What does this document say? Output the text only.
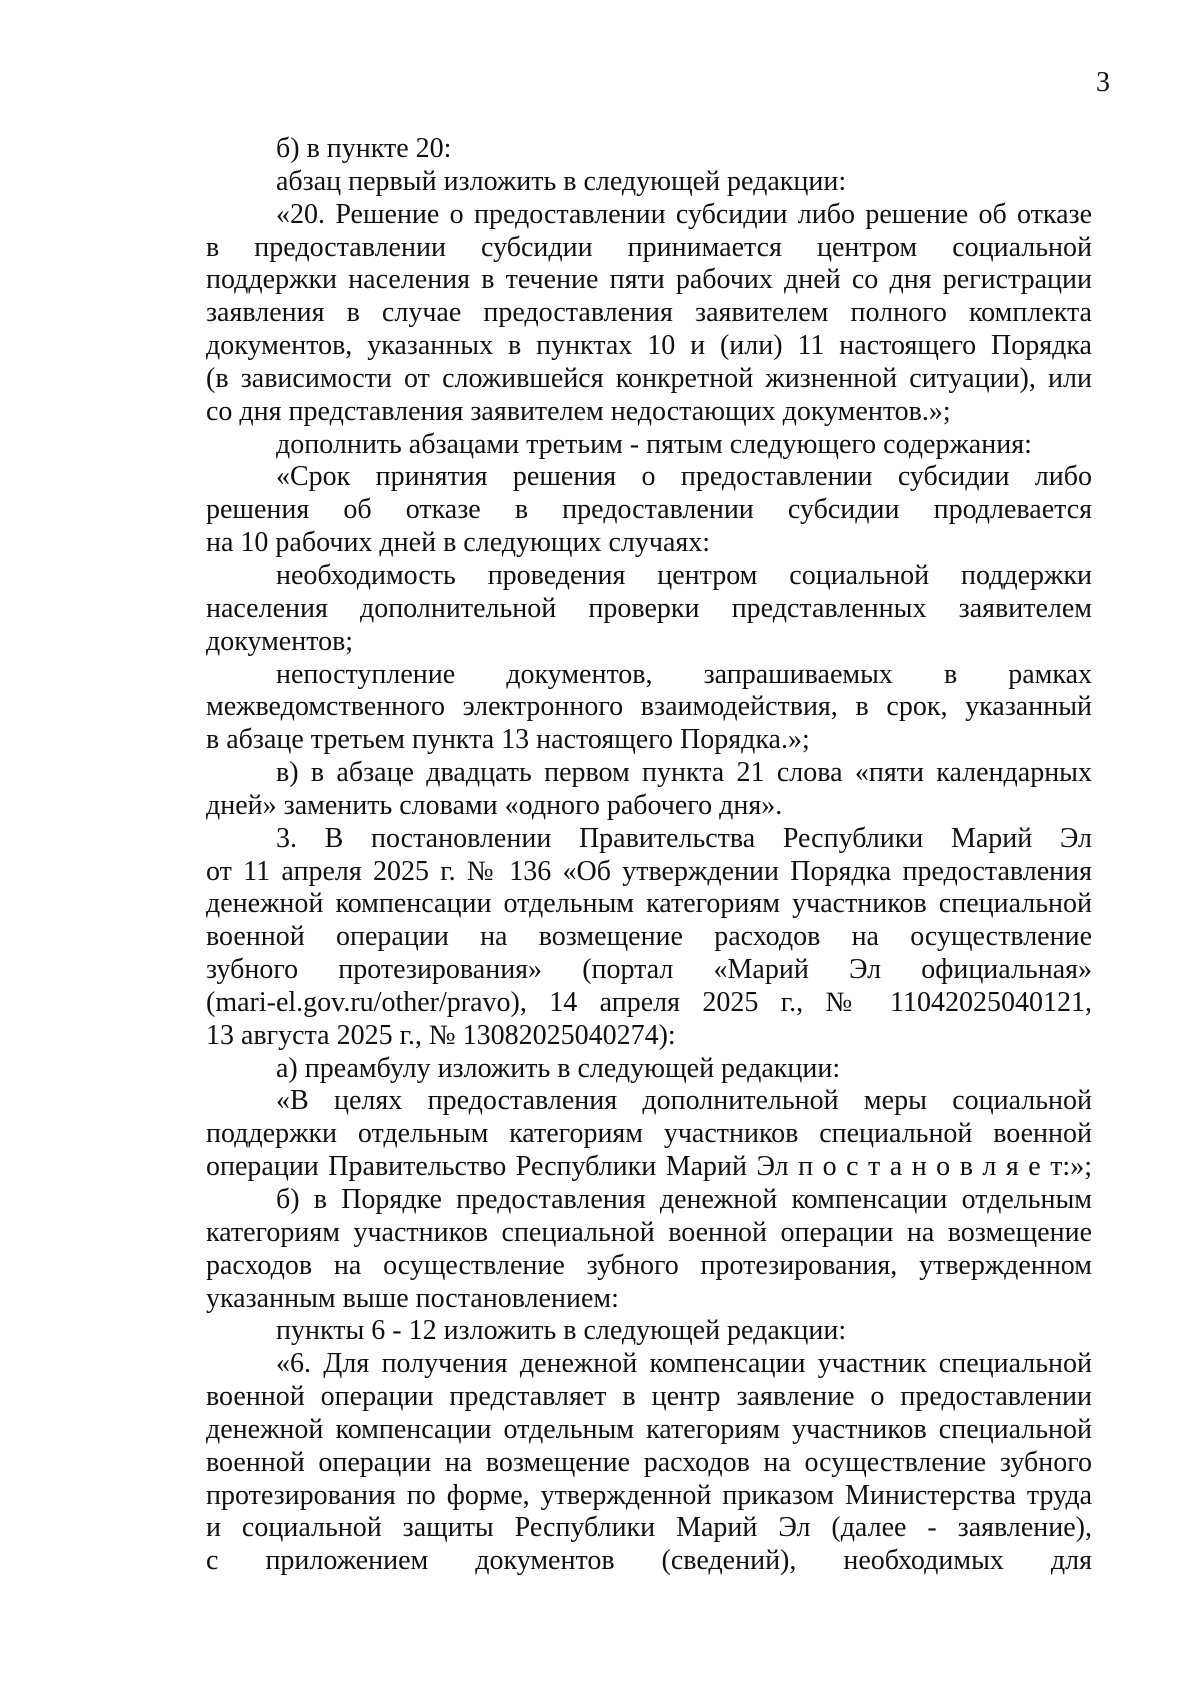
3
б) в пункте 20:
абзац первый изложить в следующей редакции:
«20. Решение о предоставлении субсидии либо решение об отказе
в предоставлении субсидии принимается центром социальной
поддержки населения в течение пяти рабочих дней со дня регистрации
заявления в случае предоставления заявителем полного комплекта
документов, указанных в пунктах 10 и (или) 11 настоящего Порядка
(в зависимости от сложившейся конкретной жизненной ситуации), или
со дня представления заявителем недостающих документов.»;
дополнить абзацами третьим - пятым следующего содержания:
«Срок принятия решения о предоставлении субсидии либо
решения об отказе в предоставлении субсидии продлевается
на 10 рабочих дней в следующих случаях:
необходимость проведения центром социальной поддержки
населения дополнительной проверки представленных заявителем
документов;
непоступление документов, запрашиваемых в рамках
межведомственного электронного взаимодействия, в срок, указанный
в абзаце третьем пункта 13 настоящего Порядка.»;
в) в абзаце двадцать первом пункта 21 слова «пяти календарных
дней» заменить словами «одного рабочего дня».
3. В постановлении Правительства Республики Марий Эл
от 11 апреля 2025 г. № 136 «Об утверждении Порядка предоставления
денежной компенсации отдельным категориям участников специальной
военной операции на возмещение расходов на осуществление
зубного протезирования» (портал «Марий Эл официальная»
(mari-el.gov.ru/other/pravo), 14 апреля 2025 г., № 11042025040121,
13 августа 2025 г., № 13082025040274):
а) преамбулу изложить в следующей редакции:
«В целях предоставления дополнительной меры социальной
поддержки отдельным категориям участников специальной военной
операции Правительство Республики Марий Эл п о с т а н о в л я е т:»;
б) в Порядке предоставления денежной компенсации отдельным
категориям участников специальной военной операции на возмещение
расходов на осуществление зубного протезирования, утвержденном
указанным выше постановлением:
пункты 6 - 12 изложить в следующей редакции:
«6. Для получения денежной компенсации участник специальной
военной операции представляет в центр заявление о предоставлении
денежной компенсации отдельным категориям участников специальной
военной операции на возмещение расходов на осуществление зубного
протезирования по форме, утвержденной приказом Министерства труда
и социальной защиты Республики Марий Эл (далее - заявление),
с приложением документов (сведений), необходимых для
